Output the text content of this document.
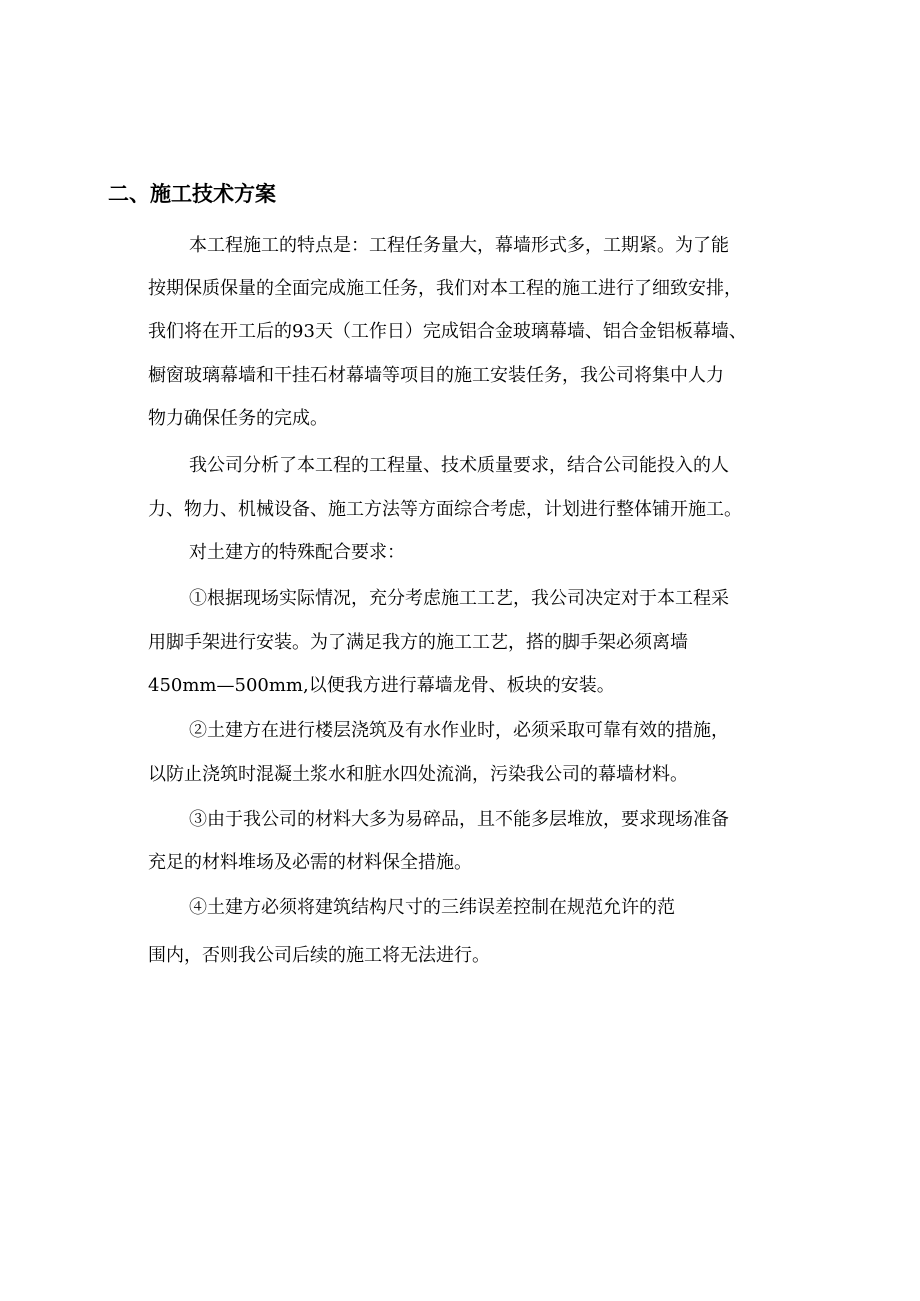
二、施工技术方案
本工程施工的特点是：工程任务量大，幕墙形式多，工期紧。为了能
按期保质保量的全面完成施工任务，我们对本工程的施工进行了细致安排，
我们将在开工后的93天（工作日）完成铝合金玻璃幕墙、铝合金铝板幕墙、
橱窗玻璃幕墙和干挂石材幕墙等项目的施工安装任务，我公司将集中人力
物力确保任务的完成。
我公司分析了本工程的工程量、技术质量要求，结合公司能投入的人
力、物力、机械设备、施工方法等方面综合考虑，计划进行整体铺开施工。
对土建方的特殊配合要求：
①根据现场实际情况，充分考虑施工工艺，我公司决定对于本工程采
用脚手架进行安装。为了满足我方的施工工艺，搭的脚手架必须离墙
450mm—500mm,以便我方进行幕墙龙骨、板块的安装。
②土建方在进行楼层浇筑及有水作业时，必须采取可靠有效的措施，
以防止浇筑时混凝土浆水和脏水四处流淌，污染我公司的幕墙材料。
③由于我公司的材料大多为易碎品，且不能多层堆放，要求现场准备
充足的材料堆场及必需的材料保全措施。
④土建方必须将建筑结构尺寸的三纬误差控制在规范允许的范
围内，否则我公司后续的施工将无法进行。
